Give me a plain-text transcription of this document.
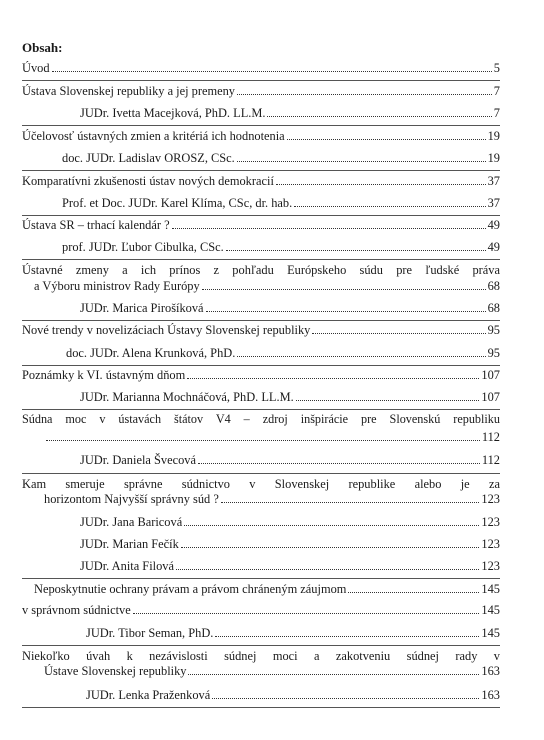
Obsah:
Úvod	5
Ústava Slovenskej republiky a jej premeny	7
JUDr. Ivetta Macejková, PhD. LL.M.	7
Účelovosť ústavných zmien a kritériá ich hodnotenia	19
doc. JUDr. Ladislav OROSZ, CSc.	19
Komparatívni zkušenosti ústav nových demokracií	37
Prof. et Doc. JUDr. Karel Klíma, CSc, dr. hab.	37
Ústava SR – trhací kalendár ?	49
prof. JUDr. Ľubor Cibulka, CSc.	49
Ústavné zmeny a ich prínos z pohľadu Európskeho súdu pre ľudské práva
a Výboru ministrov Rady Európy	68
JUDr. Marica Pirošíková	68
Nové trendy v novelizáciach Ústavy Slovenskej republiky	95
doc. JUDr. Alena Krunková, PhD.	95
Poznámky k VI. ústavným dňom	107
JUDr. Marianna Mochnáčová, PhD. LL.M.	107
Súdna moc v ústavách štátov V4 – zdroj inšpirácie pre Slovenskú republiku
112
JUDr. Daniela Švecová	112
Kam smeruje správne súdnictvo v Slovenskej republike alebo je za
horizontom Najvyšší správny súd ?	123
JUDr. Jana Baricová	123
JUDr. Marian Fečík	123
JUDr. Anita Filová	123
Neposkytnutie ochrany právam a právom chráneným záujmom	145
v správnom súdnictve	145
JUDr. Tibor Seman, PhD.	145
Niekoľko úvah k nezávislosti súdnej moci a zakotveniu súdnej rady v
Ústave Slovenskej republiky	163
JUDr. Lenka Praženková	163
